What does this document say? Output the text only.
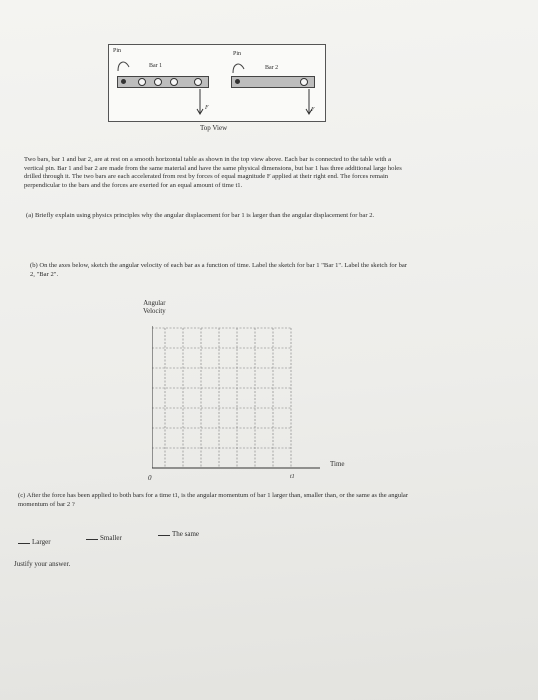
Pin	Pin
Bar 1	Bar 2
F	F
Top View
Two bars, bar 1 and bar 2, are at rest on a smooth horizontal table as shown in the top view above. Each bar is connected to the table with a vertical pin. Bar 1 and bar 2 are made from the same material and have the same physical dimensions, but bar 1 has three additional large holes drilled through it. The two bars are each accelerated from rest by forces of equal magnitude F applied at their right end. The forces remain perpendicular to the bars and the forces are exerted for an equal amount of time t1.
(a) Briefly explain using physics principles why the angular displacement for bar 1 is larger than the angular displacement for bar 2.
(b) On the axes below, sketch the angular velocity of each bar as a function of time. Label the sketch for bar 1 "Bar 1". Label the sketch for bar 2, "Bar 2".
Angular
Velocity
0	t1
Time
(c) After the force has been applied to both bars for a time t1, is the angular momentum of bar 1 larger than, smaller than, or the same as the angular momentum of bar 2 ?
Larger	Smaller	The same
Justify your answer.
